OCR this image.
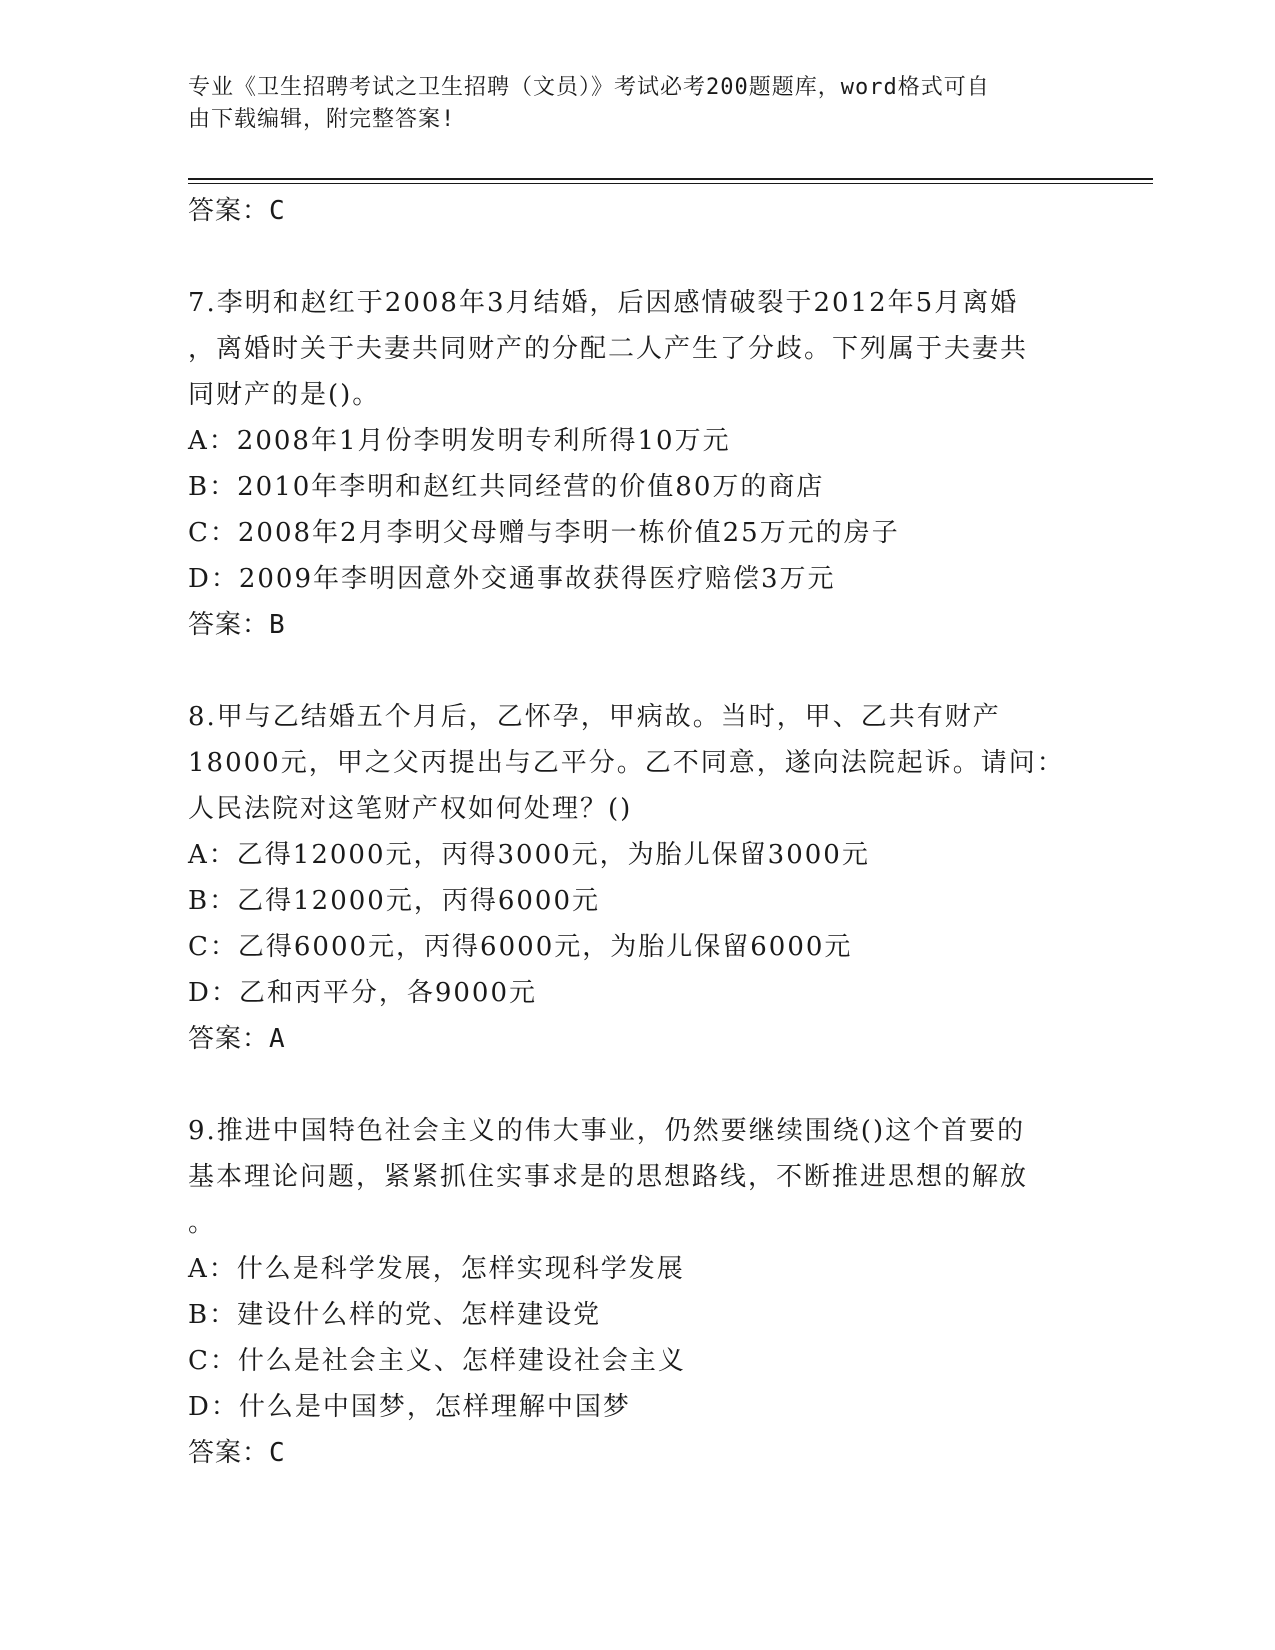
专业《卫生招聘考试之卫生招聘（文员）》考试必考200题题库，word格式可自
由下载编辑，附完整答案!
答案：C
7.李明和赵红于2008年3月结婚，后因感情破裂于2012年5月离婚
，离婚时关于夫妻共同财产的分配二人产生了分歧。下列属于夫妻共
同财产的是()。
A：2008年1月份李明发明专利所得10万元
B：2010年李明和赵红共同经营的价值80万的商店
C：2008年2月李明父母赠与李明一栋价值25万元的房子
D：2009年李明因意外交通事故获得医疗赔偿3万元
答案：B
8.甲与乙结婚五个月后，乙怀孕，甲病故。当时，甲、乙共有财产
18000元，甲之父丙提出与乙平分。乙不同意，遂向法院起诉。请问：
人民法院对这笔财产权如何处理？()
A：乙得12000元，丙得3000元，为胎儿保留3000元
B：乙得12000元，丙得6000元
C：乙得6000元，丙得6000元，为胎儿保留6000元
D：乙和丙平分，各9000元
答案：A
9.推进中国特色社会主义的伟大事业，仍然要继续围绕()这个首要的
基本理论问题，紧紧抓住实事求是的思想路线，不断推进思想的解放
。
A：什么是科学发展，怎样实现科学发展
B：建设什么样的党、怎样建设党
C：什么是社会主义、怎样建设社会主义
D：什么是中国梦，怎样理解中国梦
答案：C
